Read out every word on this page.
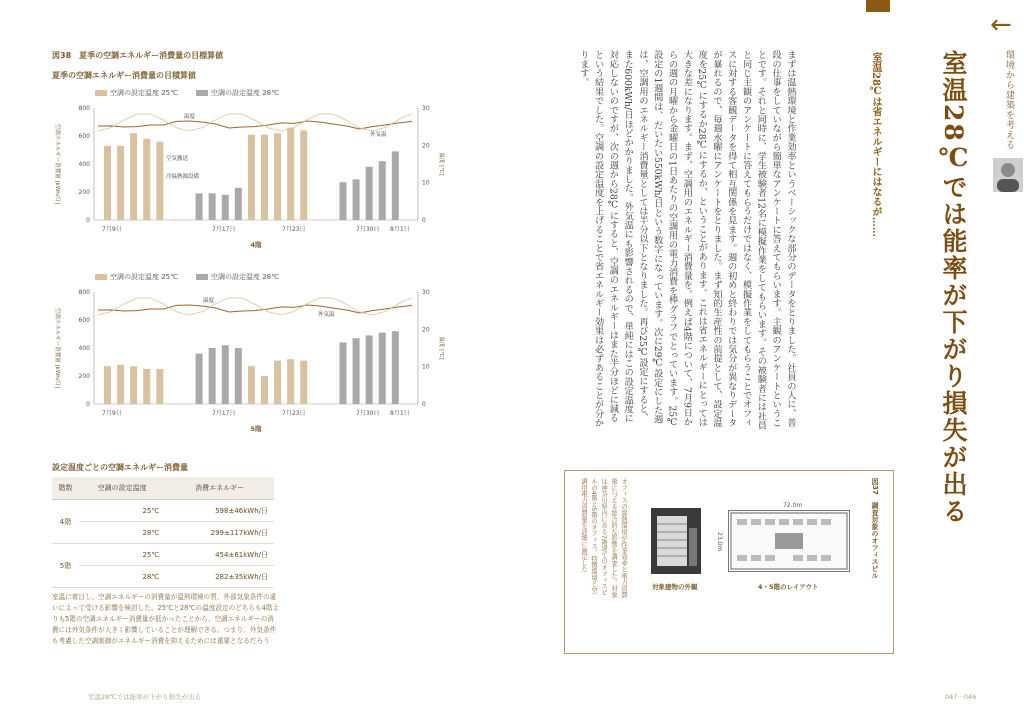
図38　夏季の空調エネルギー消費量の目標算値
夏季の空調エネルギー消費量の目積算値
空調の設定温度 25℃	空調の設定温度 28℃
0
200
400
600
800
0
10
20
30
空調エネルギー消費量 [kWh/日]	温度 [℃]
温度
外気温
空気搬送
冷温熱源設備
7月9日	7月17日	7月23日	7月30日 8月1日
4階
空調の設定温度 25℃	空調の設定温度 28℃
0
200
400
600
800
0
10
20
30
空調エネルギー消費量 [kWh/日]	温度 [℃]
温度
外気温
7月9日	7月17日	7月23日	7月30日 8月1日
5階
設定温度ごとの空調エネルギー消費量
階数	空調の設定温度	消費エネルギー
4階	25℃	598±46kWh/日
	28℃	299±117kWh/日
5階	25℃	454±61kWh/日
	28℃	282±35kWh/日
室温に着目し、空調エネルギーの消費量が温熱環境の質、外部気象条件の違いによって受ける影響を検討した。25℃と28℃の温度設定のどちらも4階よりも5階の空調エネルギー消費量が低かったことから、空調エネルギーの消費には外気条件が大きく影響していることが理解できる。つまり、外気条件も考慮した空調制御がエネルギー消費を抑えるためには重要となるだろう
室温28℃では能率が下がり損失が出る	047－046
←
環境から建築を考える
室温28℃では能率が下がり損失が出る
室温28℃は省エネルギーにはなるが……
まずは温熱環境と作業効率というベーシックな部分のデータをとりました。社員の人に、普段の仕事をしていながら簡単なアンケートに答えてもらいます。主観のアンケートということです。それと同時に、学生被験者12名に模擬作業をしてもらいます。その被験者には社員と同じ主観のアンケートに答えてもらうだけではなく、模擬作業をしてもらうことでオフィスに対する客観データを得て相互関係を見ます。週の初めと終わりでは気分が異なりデータが暴れるので、毎週水曜にアンケートをとりました。まず知的生産性の前提として、設定温度を25℃にするか28℃にするか、ということがあります。これは省エネルギーにとっては大きな差になります。まず、空調用のエネルギー消費量を。例えば4階について、7月9日からの週の月曜から金曜日の1日あたりの空調用の電力消費を棒グラフでとっています。25℃設定の1週間は、だいたい550kWh/日という数字になっています。次に29℃設定にした週は、空調用のエネルギー消費量としては半分以下となりました。再び25℃設定にすると、また600kWh/日ほどかかりました。外気温にも影響されるので、単純にはこの設定温度に対応しないのですが、次の週から28℃にすると、空調のエネルギーはまた半分ほどに減るという結果でした。空調の設定温度を上げることで省エネルギー効果は必ずあることが分かります。
図37　調査対象のオフィスビル
オフィスの温熱環境が作業効率と電力消費量に与える総合的な影響を調査した。対象は神奈川県内にある7階建てのオフィスビルの4階と5階のオフィス。特徴環境と空調用電力消費量を詳細に測定した
対象建物の外観
72.0m
23.0m
4・5階のレイアウト
